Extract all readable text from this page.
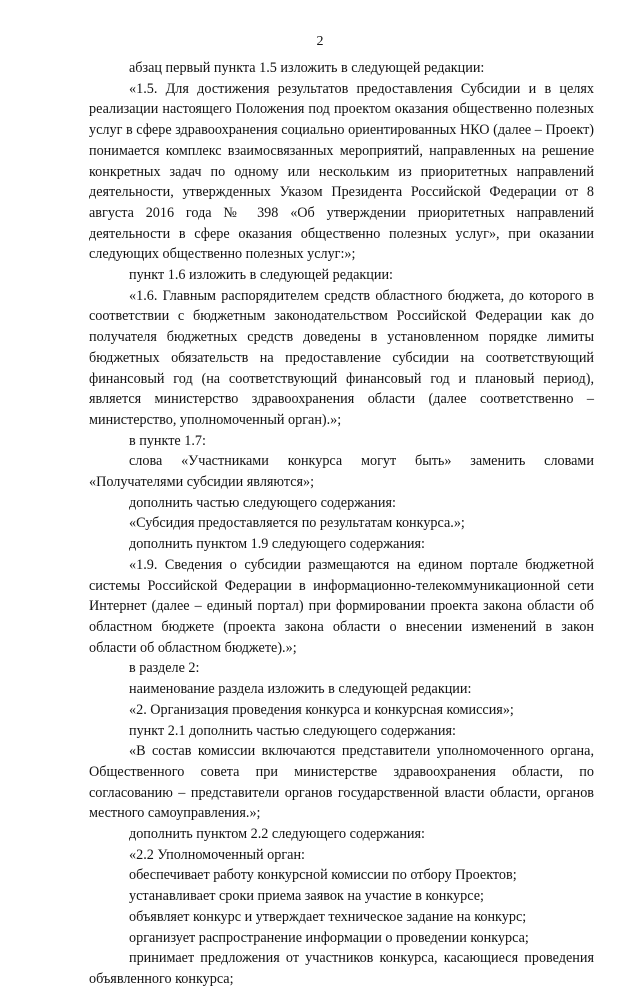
2

абзац первый пункта 1.5 изложить в следующей редакции:

«1.5. Для достижения результатов предоставления Субсидии и в целях реализации настоящего Положения под проектом оказания общественно полезных услуг в сфере здравоохранения социально ориентированных НКО (далее – Проект) понимается комплекс взаимосвязанных мероприятий, направленных на решение конкретных задач по одному или нескольким из приоритетных направлений деятельности, утвержденных Указом Президента Российской Федерации от 8 августа 2016 года № 398 «Об утверждении приоритетных направлений деятельности в сфере оказания общественно полезных услуг», при оказании следующих общественно полезных услуг:»;

пункт 1.6 изложить в следующей редакции:

«1.6. Главным распорядителем средств областного бюджета, до которого в соответствии с бюджетным законодательством Российской Федерации как до получателя бюджетных средств доведены в установленном порядке лимиты бюджетных обязательств на предоставление субсидии на соответствующий финансовый год (на соответствующий финансовый год и плановый период), является министерство здравоохранения области (далее соответственно – министерство, уполномоченный орган).»;

в пункте 1.7:

слова «Участниками конкурса могут быть» заменить словами «Получателями субсидии являются»;

дополнить частью следующего содержания:

«Субсидия предоставляется по результатам конкурса.»;

дополнить пунктом 1.9 следующего содержания:

«1.9. Сведения о субсидии размещаются на едином портале бюджетной системы Российской Федерации в информационно-телекоммуникационной сети Интернет (далее – единый портал) при формировании проекта закона области об областном бюджете (проекта закона области о внесении изменений в закон области об областном бюджете).»;

в разделе 2:

наименование раздела изложить в следующей редакции:

«2. Организация проведения конкурса и конкурсная комиссия»;

пункт 2.1 дополнить частью следующего содержания:

«В состав комиссии включаются представители уполномоченного органа, Общественного совета при министерстве здравоохранения области, по согласованию – представители органов государственной власти области, органов местного самоуправления.»;

дополнить пунктом 2.2 следующего содержания:

«2.2 Уполномоченный орган:

обеспечивает работу конкурсной комиссии по отбору Проектов;

устанавливает сроки приема заявок на участие в конкурсе;

объявляет конкурс и утверждает техническое задание на конкурс;

организует распространение информации о проведении конкурса;

принимает предложения от участников конкурса, касающиеся проведения объявленного конкурса;
